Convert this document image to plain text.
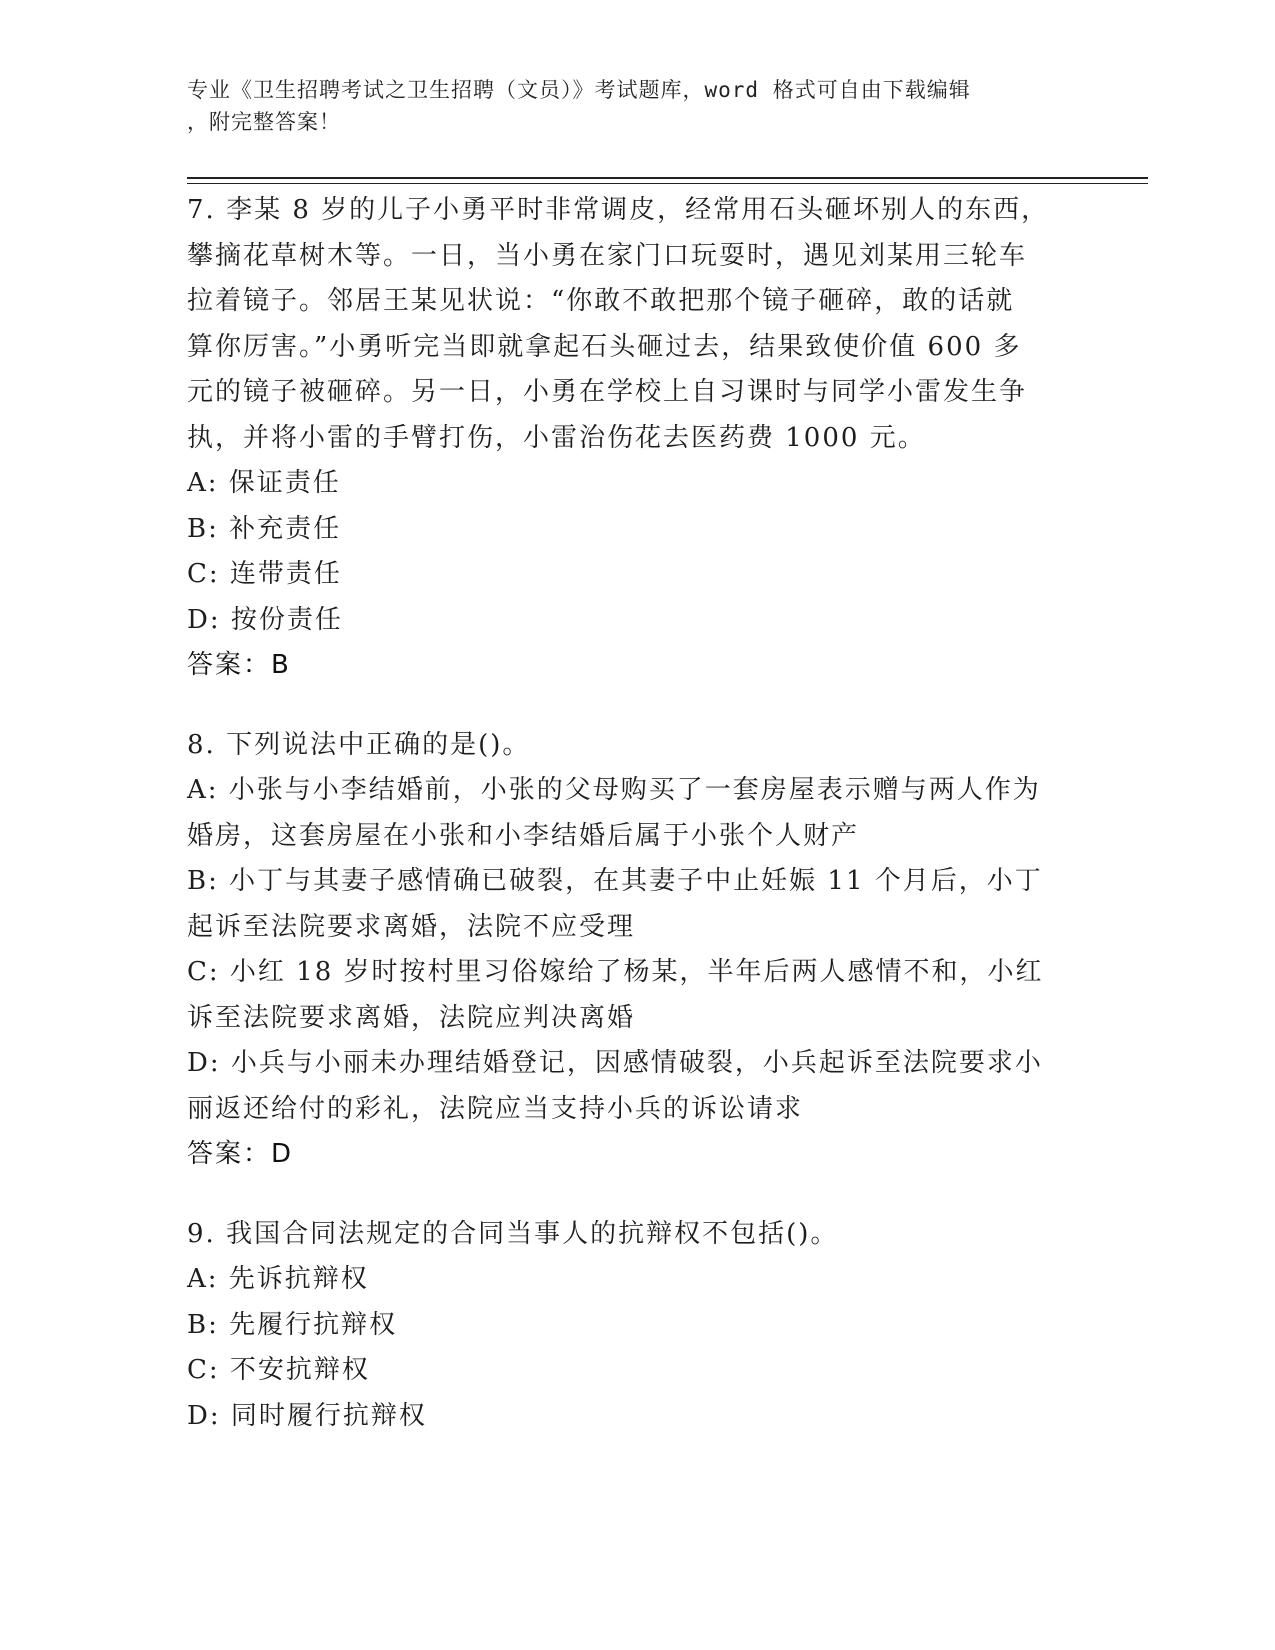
专业《卫生招聘考试之卫生招聘（文员）》考试题库，word 格式可自由下载编辑
，附完整答案！
7. 李某 8 岁的儿子小勇平时非常调皮，经常用石头砸坏别人的东西，
攀摘花草树木等。一日，当小勇在家门口玩耍时，遇见刘某用三轮车
拉着镜子。邻居王某见状说：“你敢不敢把那个镜子砸碎，敢的话就
算你厉害。”小勇听完当即就拿起石头砸过去，结果致使价值 600 多
元的镜子被砸碎。另一日，小勇在学校上自习课时与同学小雷发生争
执，并将小雷的手臂打伤，小雷治伤花去医药费 1000 元。
A: 保证责任
B: 补充责任
C: 连带责任
D: 按份责任
答案：B
8. 下列说法中正确的是()。
A: 小张与小李结婚前，小张的父母购买了一套房屋表示赠与两人作为
婚房，这套房屋在小张和小李结婚后属于小张个人财产
B: 小丁与其妻子感情确已破裂，在其妻子中止妊娠 11 个月后，小丁
起诉至法院要求离婚，法院不应受理
C: 小红 18 岁时按村里习俗嫁给了杨某，半年后两人感情不和，小红
诉至法院要求离婚，法院应判决离婚
D: 小兵与小丽未办理结婚登记，因感情破裂，小兵起诉至法院要求小
丽返还给付的彩礼，法院应当支持小兵的诉讼请求
答案：D
9. 我国合同法规定的合同当事人的抗辩权不包括()。
A: 先诉抗辩权
B: 先履行抗辩权
C: 不安抗辩权
D: 同时履行抗辩权
